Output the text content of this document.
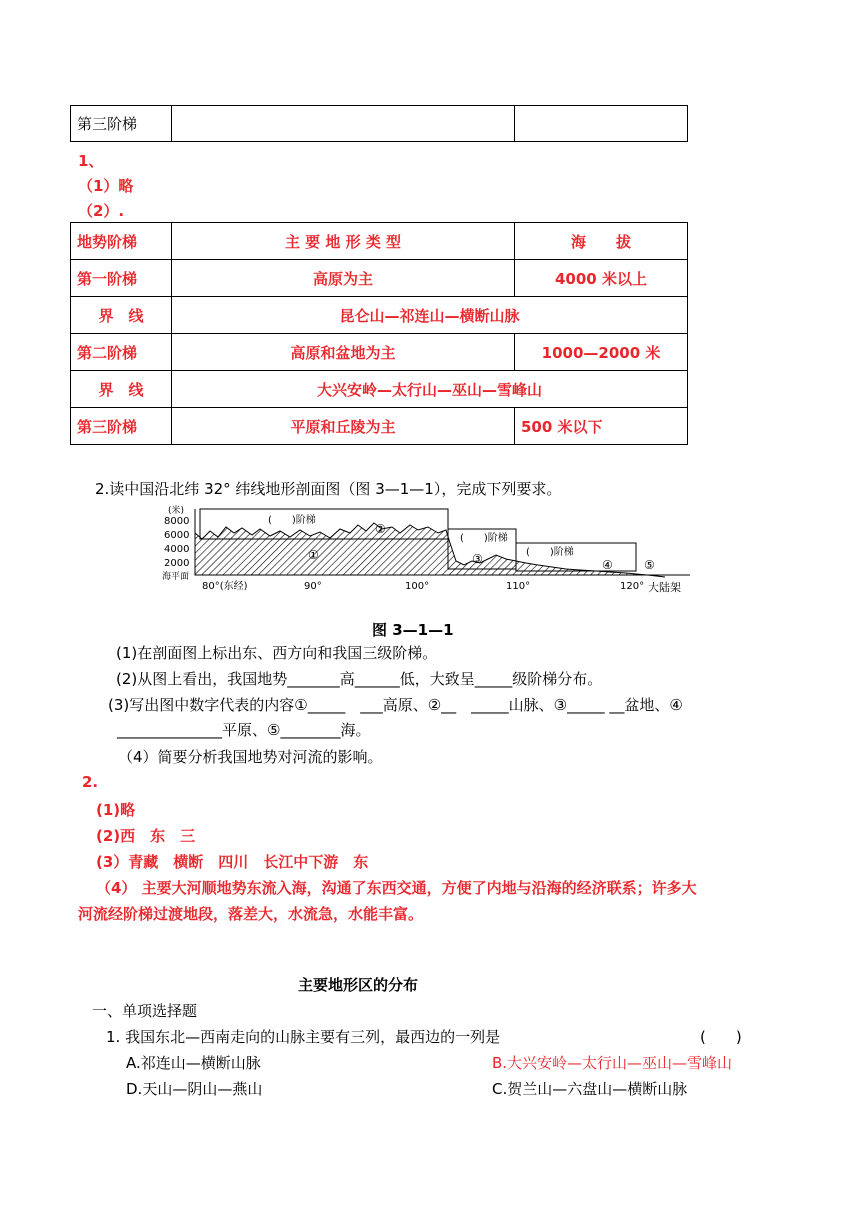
第三阶梯		
1、
（1）略
（2）.
地势阶梯	主 要 地 形 类 型	海　　拔
第一阶梯	高原为主	4000 米以上
界　线	昆仑山—祁连山—横断山脉	
第二阶梯	高原和盆地为主	1000—2000 米
界　线	大兴安岭—太行山—巫山—雪峰山	
第三阶梯	平原和丘陵为主	500 米以下
2.读中国沿北纬 32° 纬线地形剖面图（图 3—1—1），完成下列要求。
(米)
8000
6000
4000
2000
海平面
(　　)阶梯
(　　)阶梯
(　　)阶梯
①
②
③	④	⑤
80°(东经)	90°	100°	110°	120° 大陆架
图 3—1—1
(1)在剖面图上标出东、西方向和我国三级阶梯。
(2)从图上看出，我国地势_______高______低，大致呈_____级阶梯分布。
(3)写出图中数字代表的内容①_____　___高原、②__　_____山脉、③_____ __盆地、④
______________平原、⑤________海。
（4）简要分析我国地势对河流的影响。
2.
(1)略
(2)西　东　三
(3）青藏　横断　四川　长江中下游　东
（4） 主要大河顺地势东流入海，沟通了东西交通，方便了内地与沿海的经济联系；许多大
河流经阶梯过渡地段，落差大，水流急，水能丰富。
主要地形区的分布
一、单项选择题
1. 我国东北—西南走向的山脉主要有三列，最西边的一列是	(　　)
A.祁连山—横断山脉	B.大兴安岭—太行山—巫山—雪峰山
D.天山—阴山—燕山	C.贺兰山—六盘山—横断山脉
